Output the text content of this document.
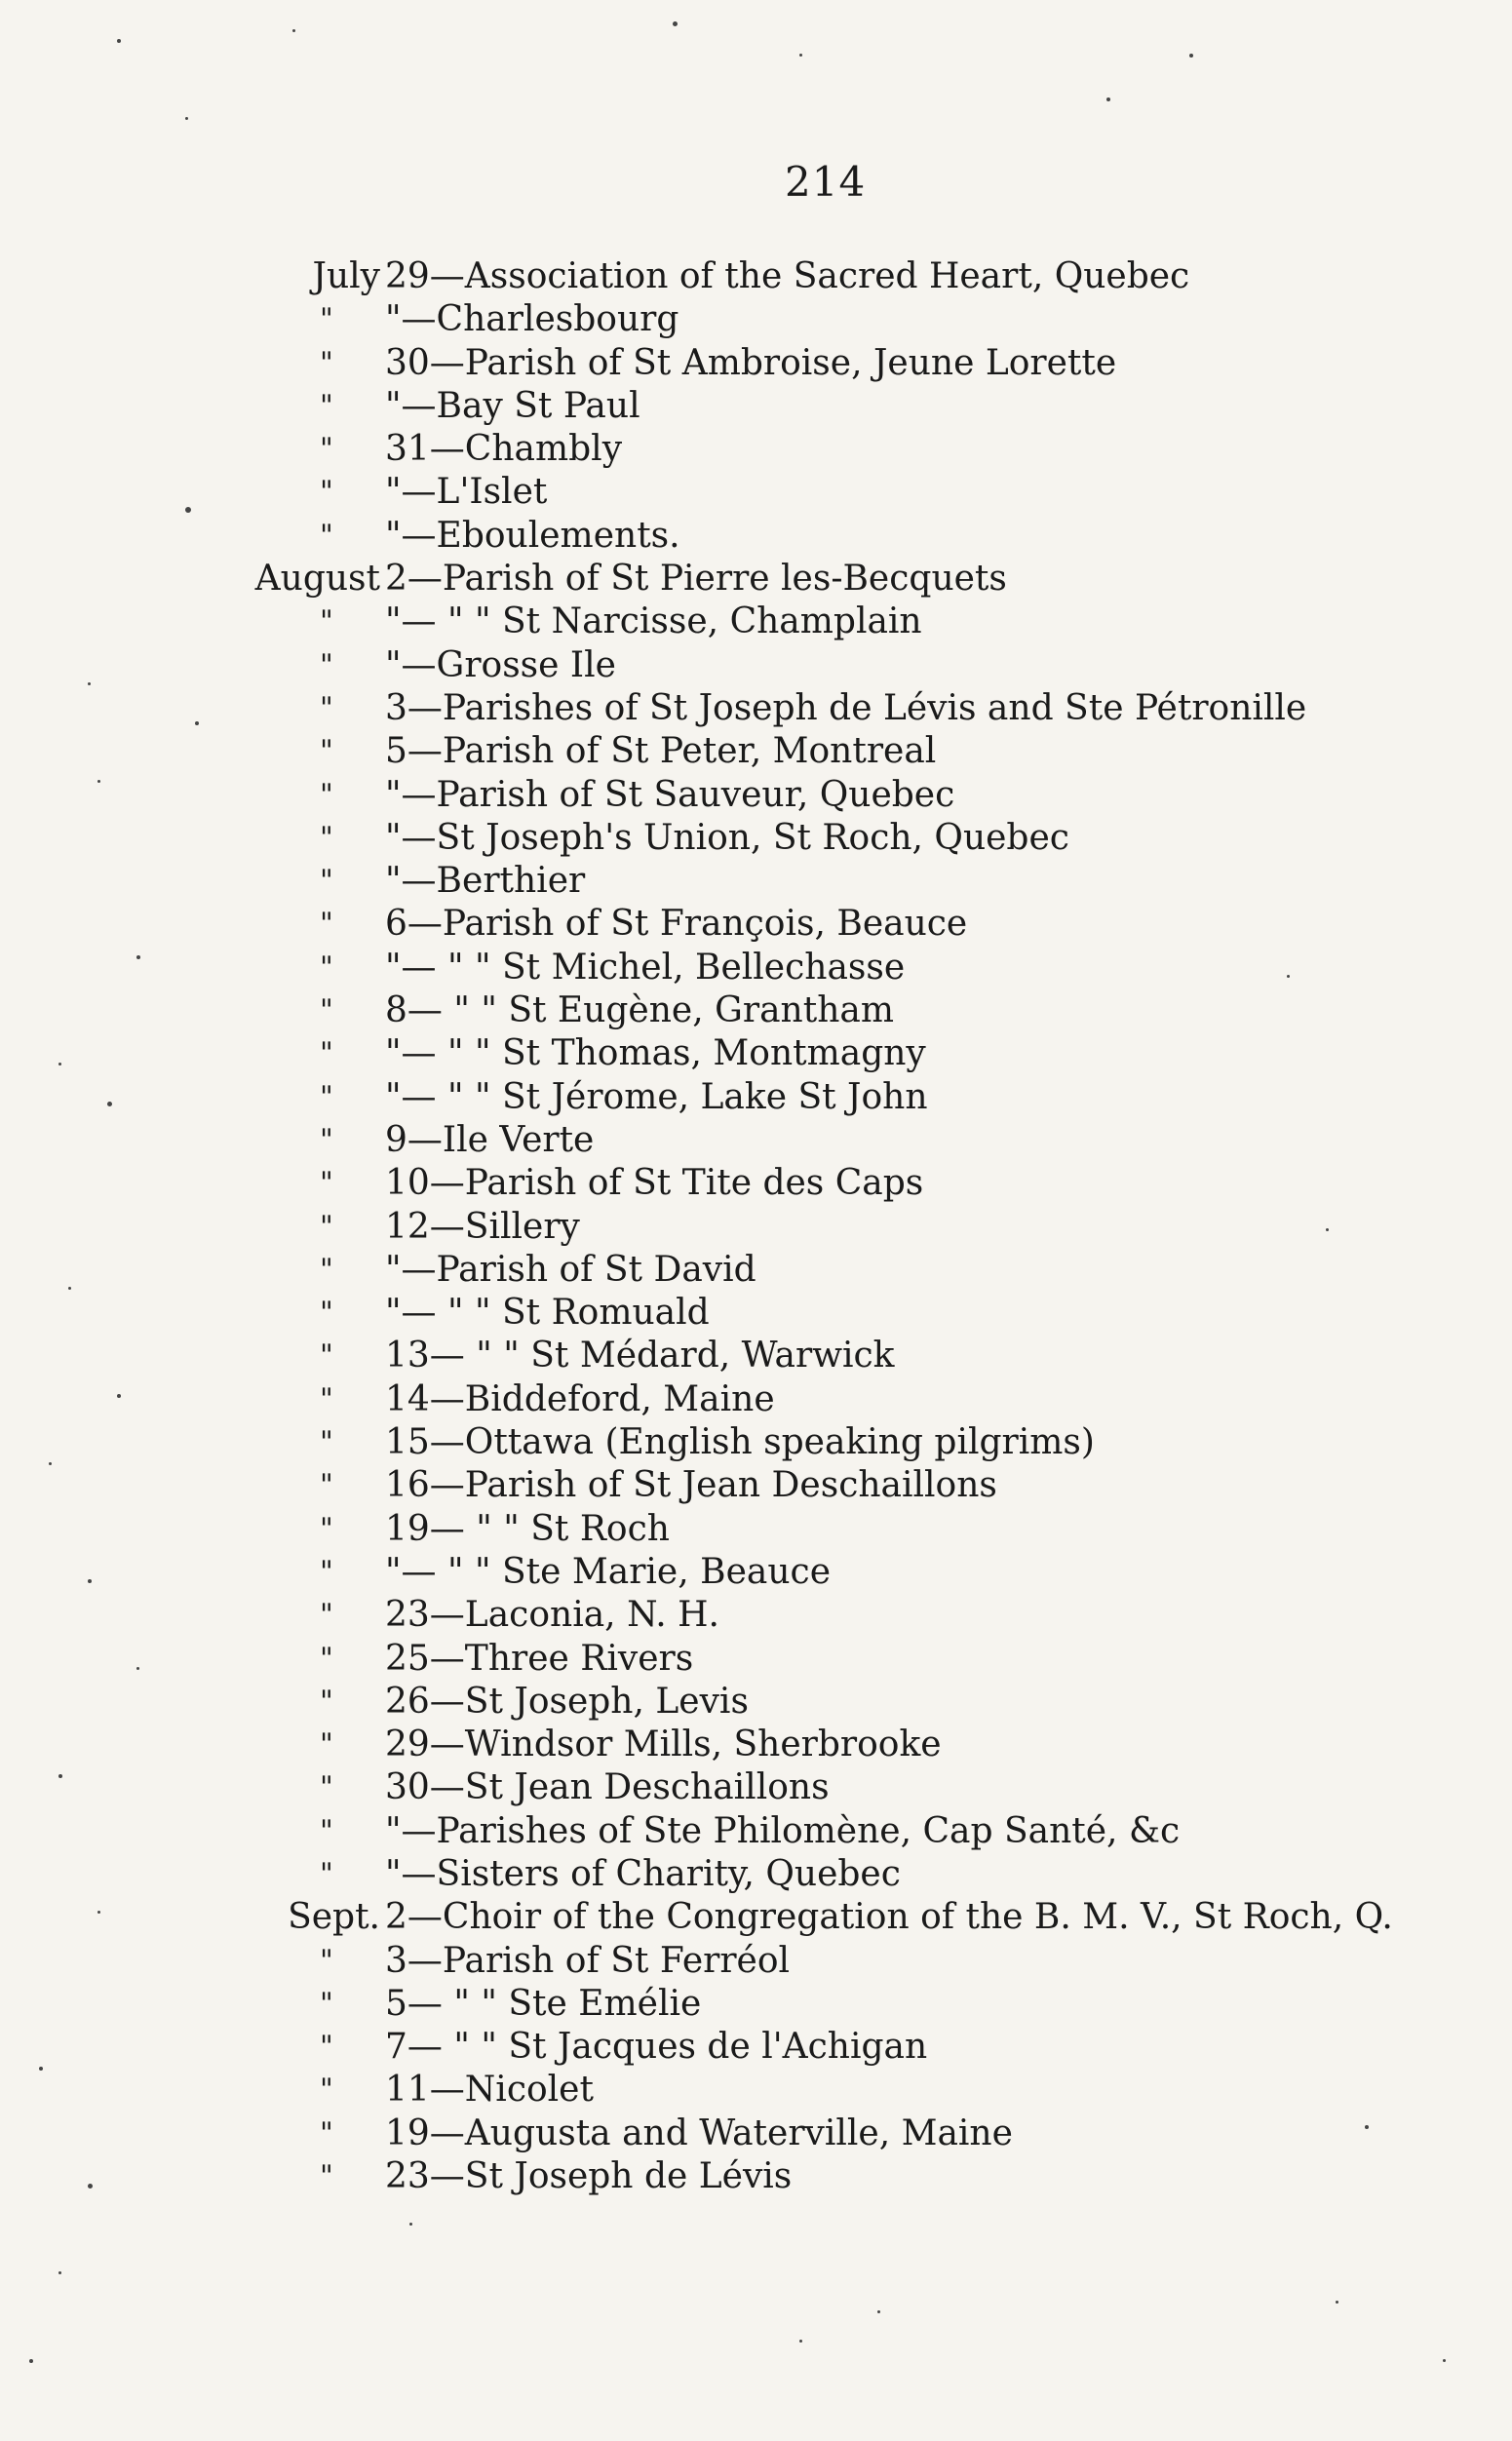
214
July 29—Association of the Sacred Heart, Quebec
" "—Charlesbourg
" 30—Parish of St Ambroise, Jeune Lorette
" "—Bay St Paul
" 31—Chambly
" "—L'Islet
" "—Eboulements.
August 2—Parish of St Pierre les-Becquets
" "— " " St Narcisse, Champlain
" "—Grosse Ile
" 3—Parishes of St Joseph de Lévis and Ste Pétronille
" 5—Parish of St Peter, Montreal
" "—Parish of St Sauveur, Quebec
" "—St Joseph's Union, St Roch, Quebec
" "—Berthier
" 6—Parish of St François, Beauce
" "— " " St Michel, Bellechasse
" 8— " " St Eugène, Grantham
" "— " " St Thomas, Montmagny
" "— " " St Jérome, Lake St John
" 9—Ile Verte
" 10—Parish of St Tite des Caps
" 12—Sillery
" "—Parish of St David
" "— " " St Romuald
" 13— " " St Médard, Warwick
" 14—Biddeford, Maine
" 15—Ottawa (English speaking pilgrims)
" 16—Parish of St Jean Deschaillons
" 19— " " St Roch
" "— " " Ste Marie, Beauce
" 23—Laconia, N. H.
" 25—Three Rivers
" 26—St Joseph, Levis
" 29—Windsor Mills, Sherbrooke
" 30—St Jean Deschaillons
" "—Parishes of Ste Philomène, Cap Santé, &c
" "—Sisters of Charity, Quebec
Sept. 2—Choir of the Congregation of the B. M. V., St Roch, Q.
" 3—Parish of St Ferréol
" 5— " " Ste Emélie
" 7— " " St Jacques de l'Achigan
" 11—Nicolet
" 19—Augusta and Waterville, Maine
" 23—St Joseph de Lévis
